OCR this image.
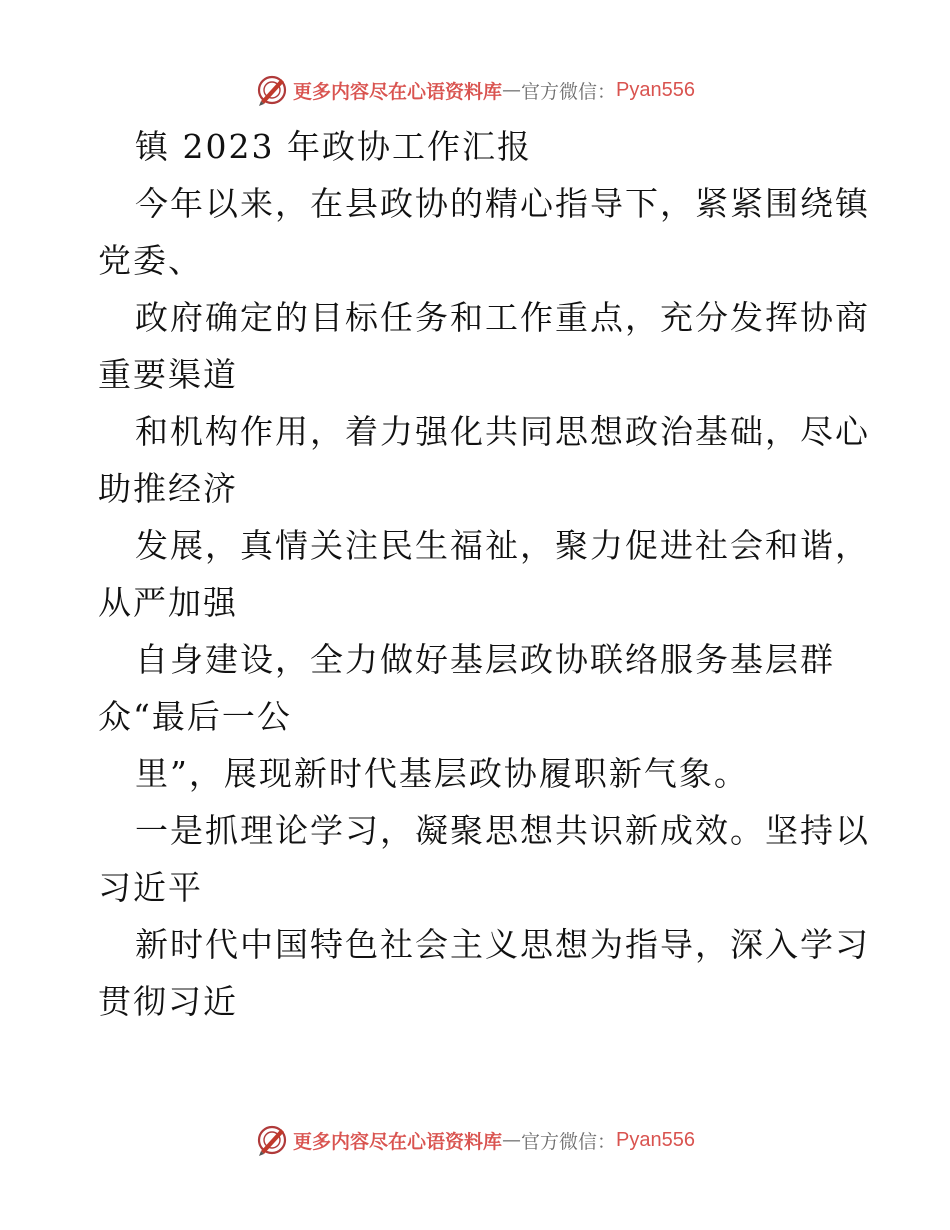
更多内容尽在心语资料库 — 官方微信： Pyan556
镇 2023 年政协工作汇报
今年以来，在县政协的精心指导下，紧紧围绕镇
党委、
政府确定的目标任务和工作重点，充分发挥协商
重要渠道
和机构作用，着力强化共同思想政治基础，尽心
助推经济
发展，真情关注民生福祉，聚力促进社会和谐，
从严加强
自身建设，全力做好基层政协联络服务基层群
众“最后一公
里”，展现新时代基层政协履职新气象。
一是抓理论学习，凝聚思想共识新成效。坚持以
习近平
新时代中国特色社会主义思想为指导，深入学习
贯彻习近
更多内容尽在心语资料库 — 官方微信： Pyan556
